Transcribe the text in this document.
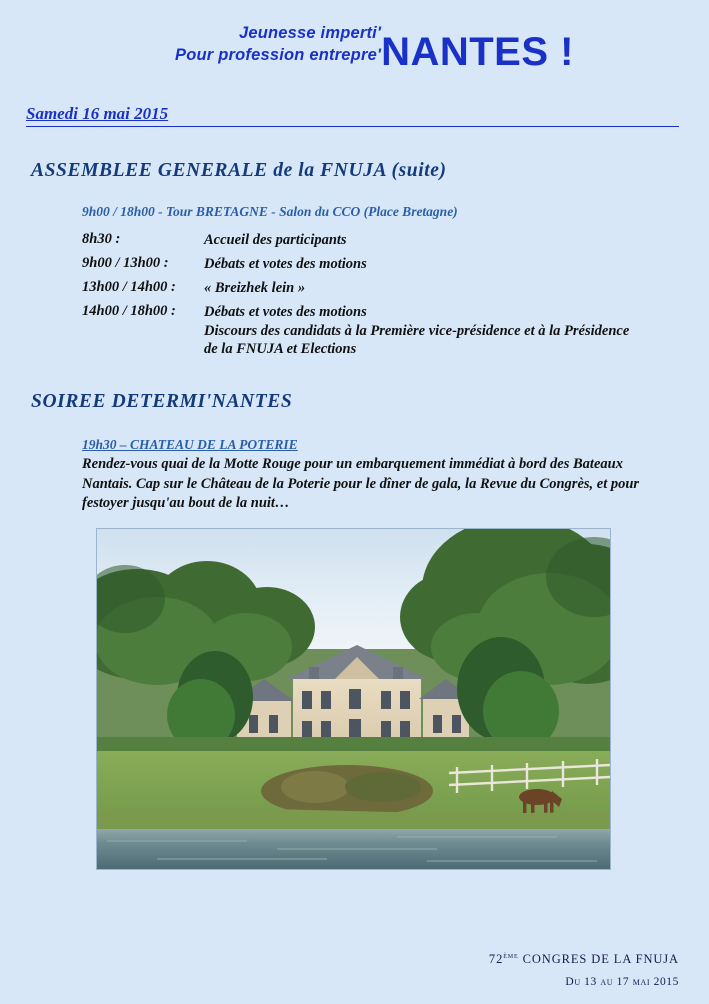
Jeunesse imperti'
Pour profession entrepre' NANTES !
Samedi 16 mai 2015
ASSEMBLEE GENERALE de la FNUJA (suite)
9h00 / 18h00 - Tour BRETAGNE - Salon du CCO (Place Bretagne)
8h30 :	Accueil des participants
9h00 / 13h00 :	Débats et votes des motions
13h00 / 14h00 :	« Breizhek lein »
14h00 / 18h00 :	Débats et votes des motions
Discours des candidats à la Première vice-présidence et à la Présidence
de la FNUJA et Elections
SOIREE DETERMI'NANTES
19h30 – CHATEAU DE LA POTERIE
Rendez-vous quai de la Motte Rouge pour un embarquement immédiat à bord des Bateaux Nantais. Cap sur le Château de la Poterie pour le dîner de gala, la Revue du Congrès, et pour festoyer jusqu'au bout de la nuit…
72ème CONGRES DE LA FNUJA
Du 13 au 17 mai 2015
